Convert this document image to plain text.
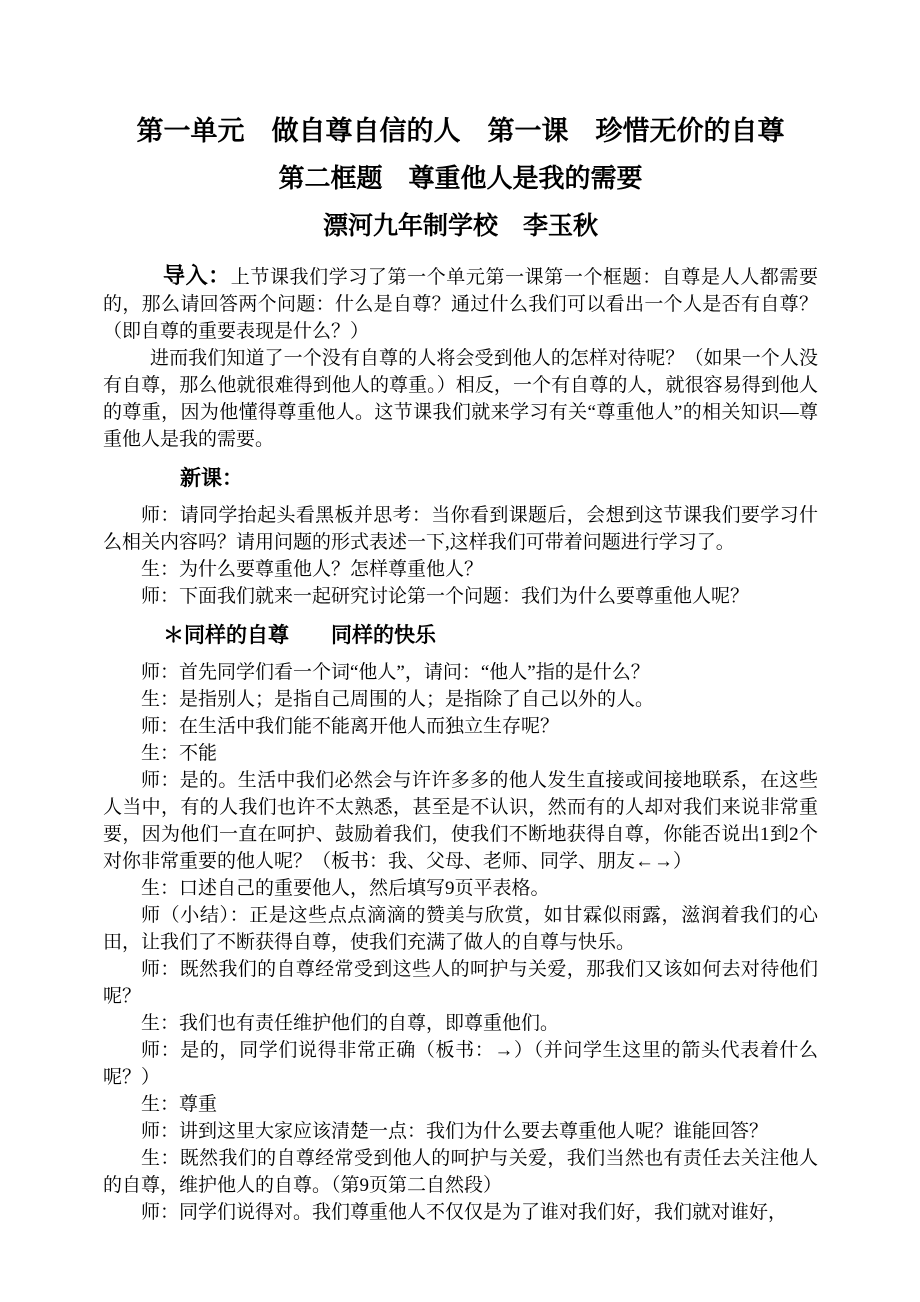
第一单元　做自尊自信的人　第一课　珍惜无价的自尊
第二框题　尊重他人是我的需要
漂河九年制学校　李玉秋

导入：上节课我们学习了第一个单元第一课第一个框题：自尊是人人都需要的，那么请回答两个问题：什么是自尊？通过什么我们可以看出一个人是否有自尊？（即自尊的重要表现是什么？）

进而我们知道了一个没有自尊的人将会受到他人的怎样对待呢？（如果一个人没有自尊，那么他就很难得到他人的尊重。）相反，一个有自尊的人，就很容易得到他人的尊重，因为他懂得尊重他人。这节课我们就来学习有关“尊重他人”的相关知识—尊重他人是我的需要。

新课：

师：请同学抬起头看黑板并思考：当你看到课题后，会想到这节课我们要学习什么相关内容吗？请用问题的形式表述一下,这样我们可带着问题进行学习了。

生：为什么要尊重他人？怎样尊重他人？

师：下面我们就来一起研究讨论第一个问题：我们为什么要尊重他人呢？

＊同样的自尊　　同样的快乐

师：首先同学们看一个词“他人”，请问：“他人”指的是什么？

生：是指别人；是指自己周围的人；是指除了自己以外的人。

师：在生活中我们能不能离开他人而独立生存呢？

生：不能

师：是的。生活中我们必然会与许许多多的他人发生直接或间接地联系，在这些人当中，有的人我们也许不太熟悉，甚至是不认识，然而有的人却对我们来说非常重要，因为他们一直在呵护、鼓励着我们，使我们不断地获得自尊，你能否说出1到2个对你非常重要的他人呢？（板书：我、父母、老师、同学、朋友←→）

生：口述自己的重要他人，然后填写9页平表格。

师（小结）：正是这些点点滴滴的赞美与欣赏，如甘霖似雨露，滋润着我们的心田，让我们了不断获得自尊，使我们充满了做人的自尊与快乐。

师：既然我们的自尊经常受到这些人的呵护与关爱，那我们又该如何去对待他们呢？

生：我们也有责任维护他们的自尊，即尊重他们。

师：是的，同学们说得非常正确（板书：→）（并问学生这里的箭头代表着什么呢？）

生：尊重

师：讲到这里大家应该清楚一点：我们为什么要去尊重他人呢？谁能回答？

生：既然我们的自尊经常受到他人的呵护与关爱，我们当然也有责任去关注他人的自尊，维护他人的自尊。（第9页第二自然段）

师：同学们说得对。我们尊重他人不仅仅是为了谁对我们好，我们就对谁好，
